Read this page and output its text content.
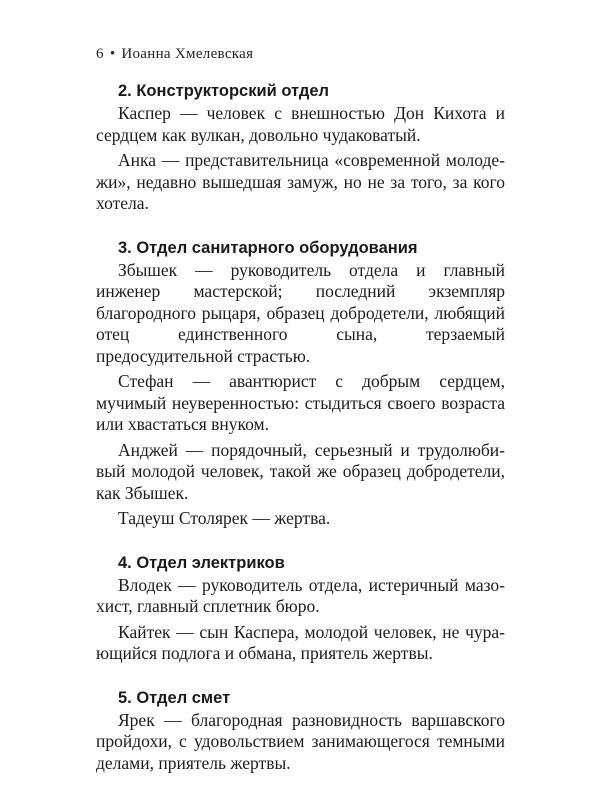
6 • Иоанна Хмелевская
2. Конструкторский отдел

Каспер — человек с внешностью Дон Кихота и сердцем как вулкан, довольно чудаковатый.

Анка — представительница «современной молодежи», недавно вышедшая замуж, но не за того, за кого хотела.

3. Отдел санитарного оборудования

Збышек — руководитель отдела и главный инженер мастерской; последний экземпляр благородного рыцаря, образец добродетели, любящий отец единственного сына, терзаемый предосудительной страстью.

Стефан — авантюрист с добрым сердцем, мучимый неуверенностью: стыдиться своего возраста или хвастаться внуком.

Анджей — порядочный, серьезный и трудолюбивый молодой человек, такой же образец добродетели, как Збышек.

Тадеуш Столярек — жертва.

4. Отдел электриков

Влодек — руководитель отдела, истеричный мазохист, главный сплетник бюро.

Кайтек — сын Каспера, молодой человек, не чурающийся подлога и обмана, приятель жертвы.

5. Отдел смет

Ярек — благородная разновидность варшавского пройдохи, с удовольствием занимающегося темными делами, приятель жертвы.
